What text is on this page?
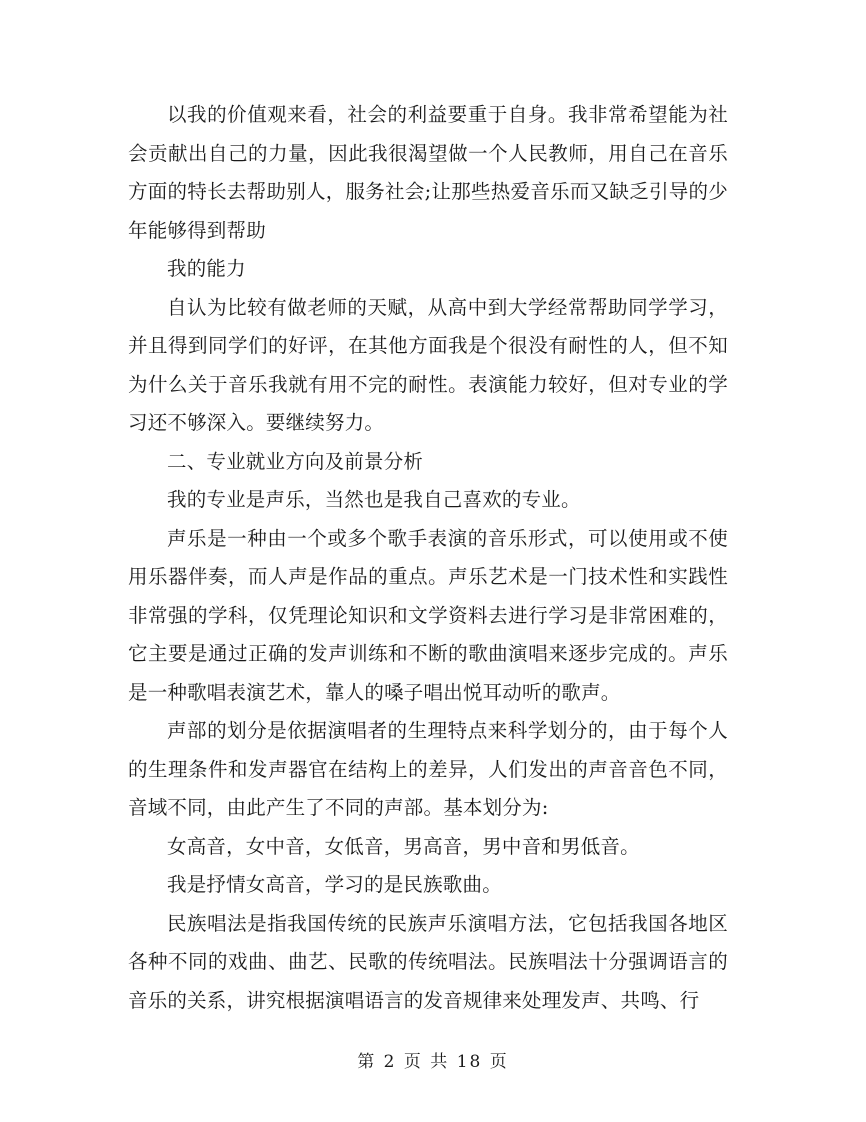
以我的价值观来看，社会的利益要重于自身。我非常希望能为社会贡献出自己的力量，因此我很渴望做一个人民教师，用自己在音乐方面的特长去帮助别人，服务社会;让那些热爱音乐而又缺乏引导的少年能够得到帮助

我的能力

自认为比较有做老师的天赋，从高中到大学经常帮助同学学习，并且得到同学们的好评，在其他方面我是个很没有耐性的人，但不知为什么关于音乐我就有用不完的耐性。表演能力较好，但对专业的学习还不够深入。要继续努力。

二、专业就业方向及前景分析

我的专业是声乐，当然也是我自己喜欢的专业。

声乐是一种由一个或多个歌手表演的音乐形式，可以使用或不使用乐器伴奏，而人声是作品的重点。声乐艺术是一门技术性和实践性非常强的学科，仅凭理论知识和文学资料去进行学习是非常困难的，它主要是通过正确的发声训练和不断的歌曲演唱来逐步完成的。声乐是一种歌唱表演艺术，靠人的嗓子唱出悦耳动听的歌声。

声部的划分是依据演唱者的生理特点来科学划分的，由于每个人的生理条件和发声器官在结构上的差异，人们发出的声音音色不同，音域不同，由此产生了不同的声部。基本划分为:

女高音，女中音，女低音，男高音，男中音和男低音。

我是抒情女高音，学习的是民族歌曲。

民族唱法是指我国传统的民族声乐演唱方法，它包括我国各地区各种不同的戏曲、曲艺、民歌的传统唱法。民族唱法十分强调语言的音乐的关系，讲究根据演唱语言的发音规律来处理发声、共鸣、行

第 2 页 共 18 页
